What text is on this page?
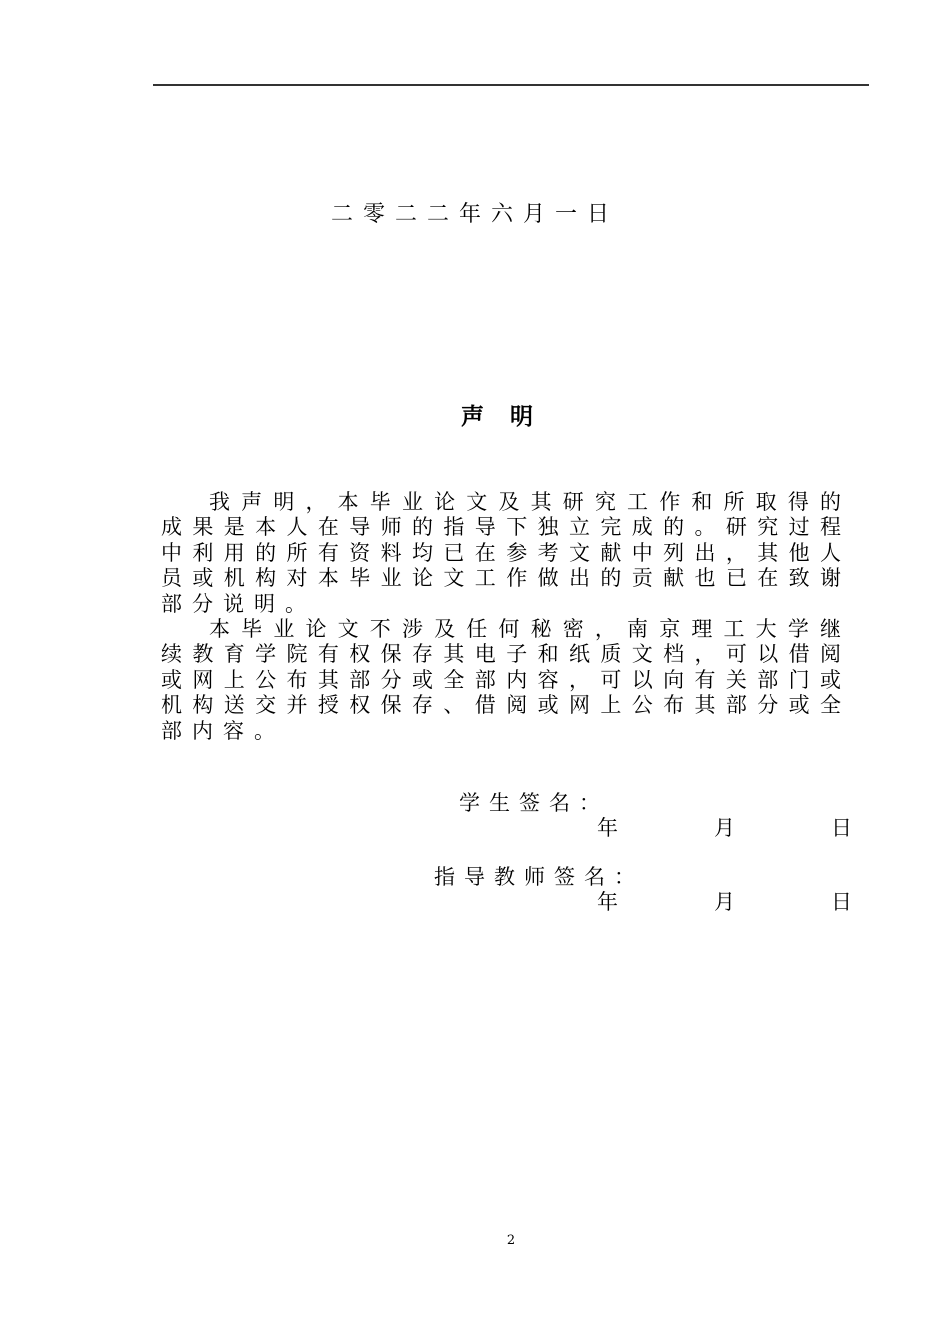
二零二二年六月一日
声明

我声明，本毕业论文及其研究工作和所取得的成果是本人在导师的指导下独立完成的。研究过程中利用的所有资料均已在参考文献中列出，其他人员或机构对本毕业论文工作做出的贡献也已在致谢部分说明。

本毕业论文不涉及任何秘密，南京理工大学继续教育学院有权保存其电子和纸质文档，可以借阅或网上公布其部分或全部内容，可以向有关部门或机构送交并授权保存、借阅或网上公布其部分或全部内容。

学生签名：
年	月	日
指导教师签名：
年	月	日
2
